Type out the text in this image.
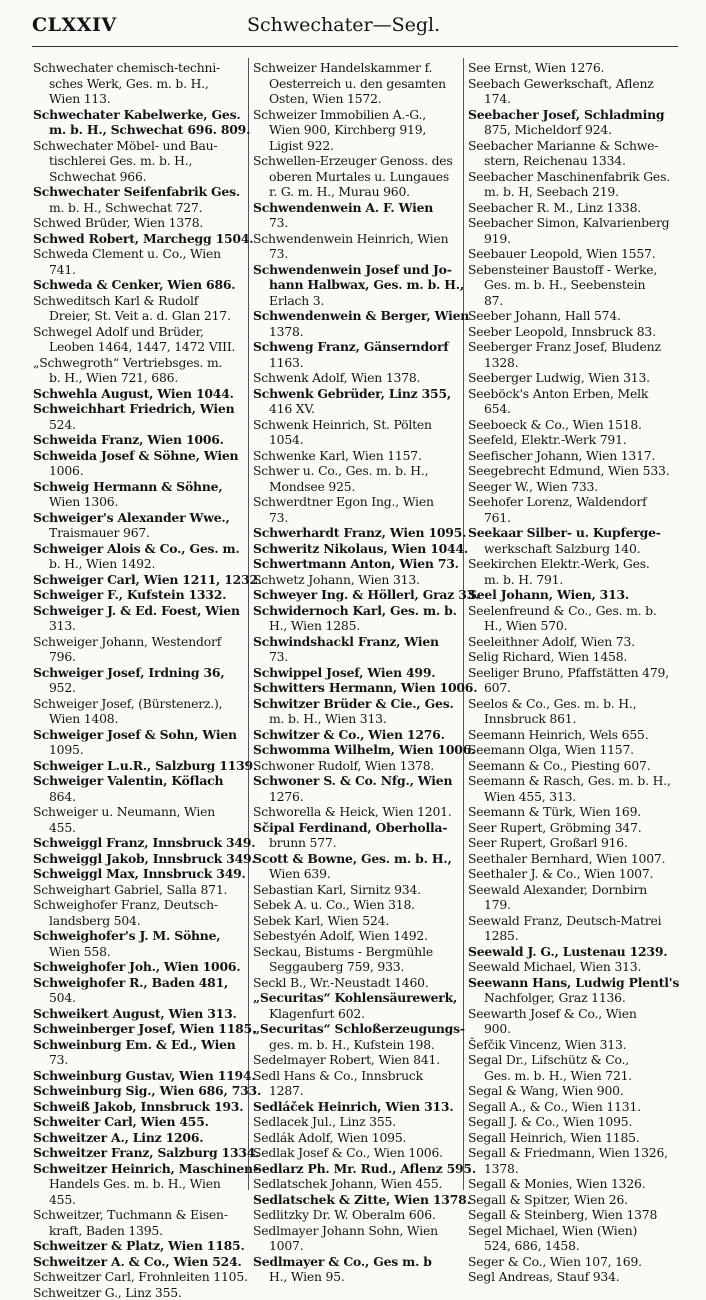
CLXXIV	Schwechater—Segl.
Schwechater chemisch-techni-
sches Werk, Ges. m. b. H.,
Wien 113.
Schwechater Kabelwerke, Ges.
m. b. H., Schwechat 696. 809.
Schwechater Möbel- und Bau-
tischlerei Ges. m. b. H.,
Schwechat 966.
Schwechater Seifenfabrik Ges.
m. b. H., Schwechat 727.
Schwed Brüder, Wien 1378.
Schwed Robert, Marchegg 1504.
Schweda Clement u. Co., Wien
741.
Schweda & Cenker, Wien 686.
Schweditsch Karl & Rudolf
Dreier, St. Veit a. d. Glan 217.
Schwegel Adolf und Brüder,
Leoben 1464, 1447, 1472 VIII.
„Schwegroth“ Vertriebsges. m.
b. H., Wien 721, 686.
Schwehla August, Wien 1044.
Schweichhart Friedrich, Wien
524.
Schweida Franz, Wien 1006.
Schweida Josef & Söhne, Wien
1006.
Schweig Hermann & Söhne,
Wien 1306.
Schweiger's Alexander Wwe.,
Traismauer 967.
Schweiger Alois & Co., Ges. m.
b. H., Wien 1492.
Schweiger Carl, Wien 1211, 1232.
Schweiger F., Kufstein 1332.
Schweiger J. & Ed. Foest, Wien
313.
Schweiger Johann, Westendorf
796.
Schweiger Josef, Irdning 36,
952.
Schweiger Josef, (Bürstenerz.),
Wien 1408.
Schweiger Josef & Sohn, Wien
1095.
Schweiger L.u.R., Salzburg 1139.
Schweiger Valentin, Köflach
864.
Schweiger u. Neumann, Wien
455.
Schweiggl Franz, Innsbruck 349.
Schweiggl Jakob, Innsbruck 349.
Schweiggl Max, Innsbruck 349.
Schweighart Gabriel, Salla 871.
Schweighofer Franz, Deutsch-
landsberg 504.
Schweighofer's J. M. Söhne,
Wien 558.
Schweighofer Joh., Wien 1006.
Schweighofer R., Baden 481,
504.
Schweikert August, Wien 313.
Schweinberger Josef, Wien 1185.
Schweinburg Em. & Ed., Wien
73.
Schweinburg Gustav, Wien 1194.
Schweinburg Sig., Wien 686, 733.
Schweiß Jakob, Innsbruck 193.
Schweiter Carl, Wien 455.
Schweitzer A., Linz 1206.
Schweitzer Franz, Salzburg 1334.
Schweitzer Heinrich, Maschinen-
Handels Ges. m. b. H., Wien
455.
Schweitzer, Tuchmann & Eisen-
kraft, Baden 1395.
Schweitzer & Platz, Wien 1185.
Schweitzer A. & Co., Wien 524.
Schweitzer Carl, Frohnleiten 1105.
Schweitzer G., Linz 355.
Schweizer Handelskammer f.
Oesterreich u. den gesamten
Osten, Wien 1572.
Schweizer Immobilien A.-G.,
Wien 900, Kirchberg 919,
Ligist 922.
Schwellen-Erzeuger Genoss. des
oberen Murtales u. Lungaues
r. G. m. H., Murau 960.
Schwendenwein A. F. Wien
73.
Schwendenwein Heinrich, Wien
73.
Schwendenwein Josef und Jo-
hann Halbwax, Ges. m. b. H.,
Erlach 3.
Schwendenwein & Berger, Wien
1378.
Schweng Franz, Gänserndorf
1163.
Schwenk Adolf, Wien 1378.
Schwenk Gebrüder, Linz 355,
416 XV.
Schwenk Heinrich, St. Pölten
1054.
Schwenke Karl, Wien 1157.
Schwer u. Co., Ges. m. b. H.,
Mondsee 925.
Schwerdtner Egon Ing., Wien
73.
Schwerhardt Franz, Wien 1095.
Schweritz Nikolaus, Wien 1044.
Schwertmann Anton, Wien 73.
Schwetz Johann, Wien 313.
Schweyer Ing. & Höllerl, Graz 33.
Schwidernoch Karl, Ges. m. b.
H., Wien 1285.
Schwindshackl Franz, Wien
73.
Schwippel Josef, Wien 499.
Schwitters Hermann, Wien 1006.
Schwitzer Brüder & Cie., Ges.
m. b. H., Wien 313.
Schwitzer & Co., Wien 1276.
Schwomma Wilhelm, Wien 1006.
Schwoner Rudolf, Wien 1378.
Schwoner S. & Co. Nfg., Wien
1276.
Schworella & Heick, Wien 1201.
Sčipal Ferdinand, Oberholla-
brunn 577.
Scott & Bowne, Ges. m. b. H.,
Wien 639.
Sebastian Karl, Sirnitz 934.
Sebek A. u. Co., Wien 318.
Sebek Karl, Wien 524.
Sebestyén Adolf, Wien 1492.
Seckau, Bistums - Bergmühle
Seggauberg 759, 933.
Seckl B., Wr.-Neustadt 1460.
„Securitas“ Kohlensäurewerk,
Klagenfurt 602.
„Securitas“ Schloßerzeugungs-
ges. m. b. H., Kufstein 198.
Sedelmayer Robert, Wien 841.
Sedl Hans & Co., Innsbruck
1287.
Sedláček Heinrich, Wien 313.
Sedlacek Jul., Linz 355.
Sedlák Adolf, Wien 1095.
Sedlak Josef & Co., Wien 1006.
Sedlarz Ph. Mr. Rud., Aflenz 595.
Sedlatschek Johann, Wien 455.
Sedlatschek & Zitte, Wien 1378.
Sedlitzky Dr. W. Oberalm 606.
Sedlmayer Johann Sohn, Wien
1007.
Sedlmayer & Co., Ges m. b
H., Wien 95.
See Ernst, Wien 1276.
Seebach Gewerkschaft, Aflenz
174.
Seebacher Josef, Schladming
875, Micheldorf 924.
Seebacher Marianne & Schwe-
stern, Reichenau 1334.
Seebacher Maschinenfabrik Ges.
m. b. H, Seebach 219.
Seebacher R. M., Linz 1338.
Seebacher Simon, Kalvarienberg
919.
Seebauer Leopold, Wien 1557.
Sebensteiner Baustoff - Werke,
Ges. m. b. H., Seebenstein
87.
Seeber Johann, Hall 574.
Seeber Leopold, Innsbruck 83.
Seeberger Franz Josef, Bludenz
1328.
Seeberger Ludwig, Wien 313.
Seeböck's Anton Erben, Melk
654.
Seeboeck & Co., Wien 1518.
Seefeld, Elektr.-Werk 791.
Seefischer Johann, Wien 1317.
Seegebrecht Edmund, Wien 533.
Seeger W., Wien 733.
Seehofer Lorenz, Waldendorf
761.
Seekaar Silber- u. Kupferge-
werkschaft Salzburg 140.
Seekirchen Elektr.-Werk, Ges.
m. b. H. 791.
Seel Johann, Wien, 313.
Seelenfreund & Co., Ges. m. b.
H., Wien 570.
Seeleithner Adolf, Wien 73.
Selig Richard, Wien 1458.
Seeliger Bruno, Pfaffstätten 479,
607.
Seelos & Co., Ges. m. b. H.,
Innsbruck 861.
Seemann Heinrich, Wels 655.
Seemann Olga, Wien 1157.
Seemann & Co., Piesting 607.
Seemann & Rasch, Ges. m. b. H.,
Wien 455, 313.
Seemann & Türk, Wien 169.
Seer Rupert, Gröbming 347.
Seer Rupert, Großarl 916.
Seethaler Bernhard, Wien 1007.
Seethaler J. & Co., Wien 1007.
Seewald Alexander, Dornbirn
179.
Seewald Franz, Deutsch-Matrei
1285.
Seewald J. G., Lustenau 1239.
Seewald Michael, Wien 313.
Seewann Hans, Ludwig Plentl's
Nachfolger, Graz 1136.
Seewarth Josef & Co., Wien
900.
Šefčik Vincenz, Wien 313.
Segal Dr., Lifschütz & Co.,
Ges. m. b. H., Wien 721.
Segal & Wang, Wien 900.
Segall A., & Co., Wien 1131.
Segall J. & Co., Wien 1095.
Segall Heinrich, Wien 1185.
Segall & Friedmann, Wien 1326,
1378.
Segall & Monies, Wien 1326.
Segall & Spitzer, Wien 26.
Segall & Steinberg, Wien 1378
Segel Michael, Wien (Wien)
524, 686, 1458.
Seger & Co., Wien 107, 169.
Segl Andreas, Stauf 934.
